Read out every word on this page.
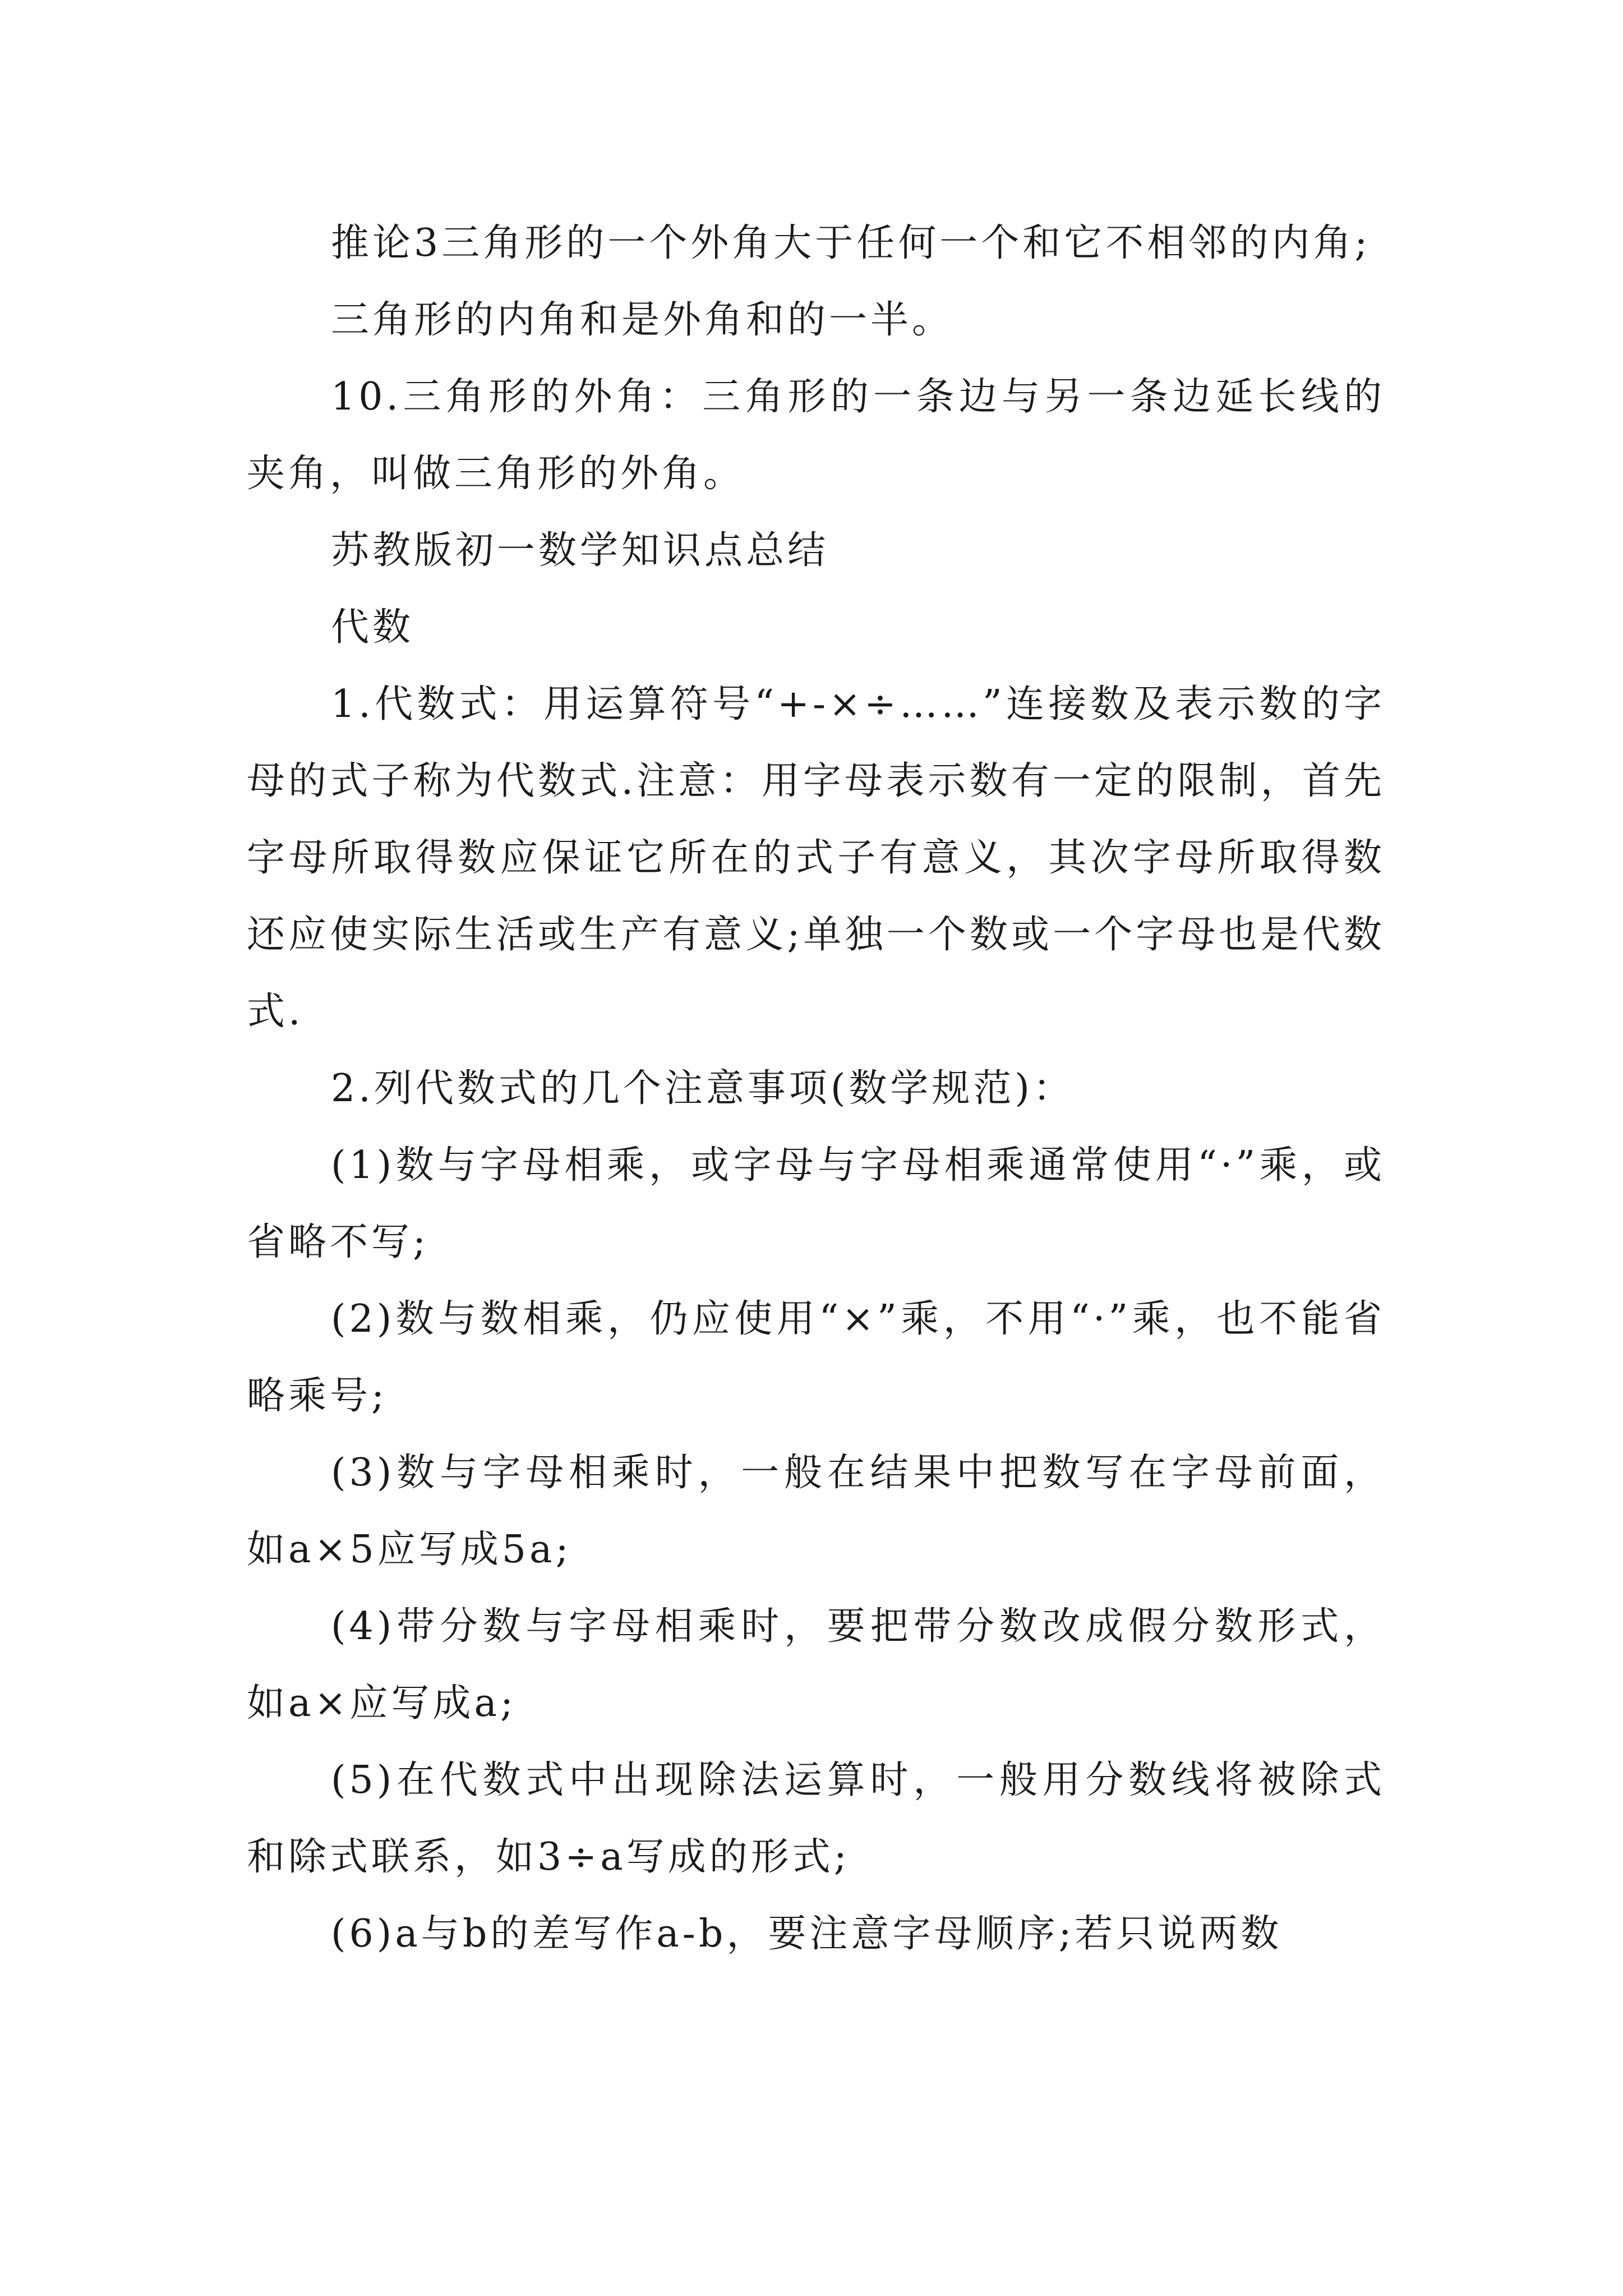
推论3三角形的一个外角大于任何一个和它不相邻的内角;

三角形的内角和是外角和的一半。

10.三角形的外角：三角形的一条边与另一条边延长线的夹角，叫做三角形的外角。

苏教版初一数学知识点总结

代数

1.代数式：用运算符号“+-×÷……”连接数及表示数的字母的式子称为代数式.注意：用字母表示数有一定的限制，首先字母所取得数应保证它所在的式子有意义，其次字母所取得数还应使实际生活或生产有意义;单独一个数或一个字母也是代数式.

2.列代数式的几个注意事项(数学规范)：

(1)数与字母相乘，或字母与字母相乘通常使用“·”乘，或省略不写;

(2)数与数相乘，仍应使用“×”乘，不用“·”乘，也不能省略乘号;

(3)数与字母相乘时，一般在结果中把数写在字母前面，如a×5应写成5a;

(4)带分数与字母相乘时，要把带分数改成假分数形式，如a×应写成a;

(5)在代数式中出现除法运算时，一般用分数线将被除式和除式联系，如3÷a写成的形式;

(6)a与b的差写作a-b，要注意字母顺序;若只说两数
